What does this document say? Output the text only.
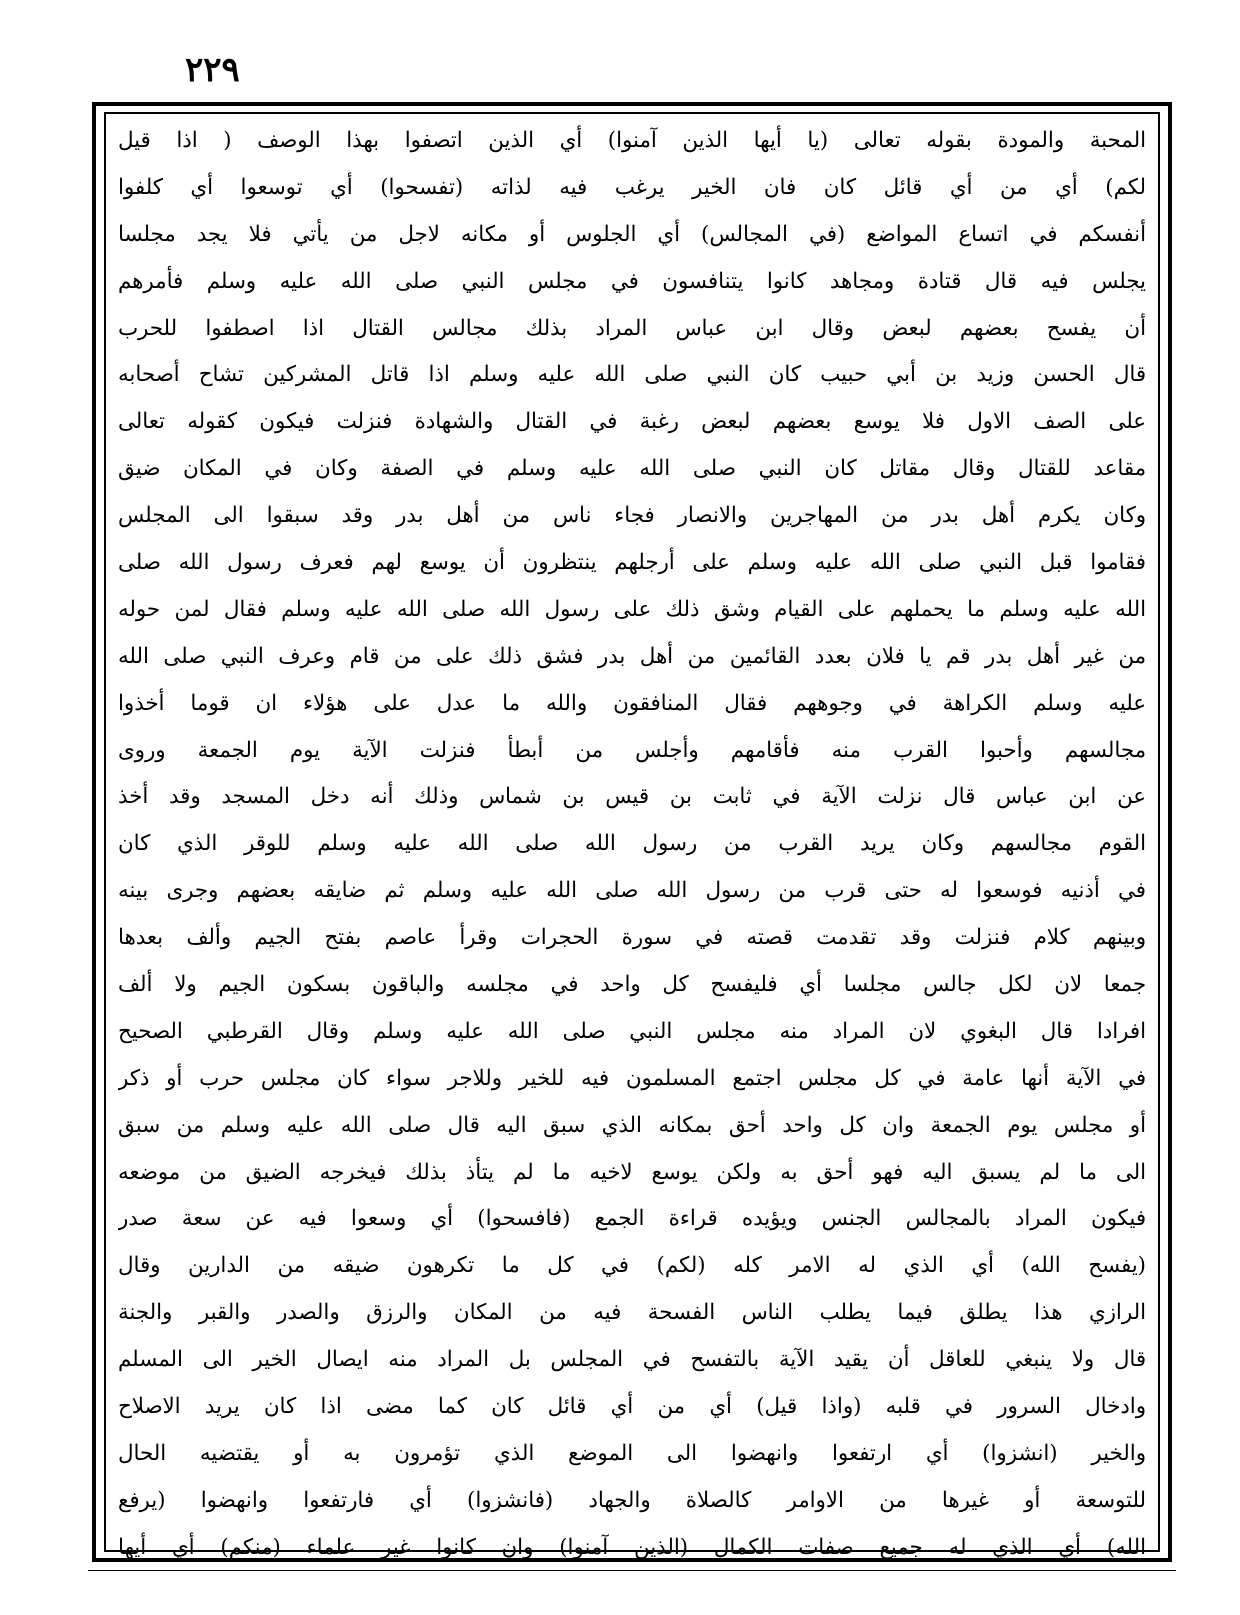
٢٢٩
المحبة والمودة بقوله تعالى (يا أيها الذين آمنوا) أي الذين اتصفوا بهذا الوصف ( اذا قيل
لكم) أي من أي قائل كان فان الخير يرغب فيه لذاته (تفسحوا) أي توسعوا أي كلفوا
أنفسكم في اتساع المواضع (في المجالس) أي الجلوس أو مكانه لاجل من يأتي فلا يجد مجلسا
يجلس فيه قال قتادة ومجاهد كانوا يتنافسون في مجلس النبي صلى الله عليه وسلم فأمرهم
أن يفسح بعضهم لبعض وقال ابن عباس المراد بذلك مجالس القتال اذا اصطفوا للحرب
قال الحسن وزيد بن أبي حبيب كان النبي صلى الله عليه وسلم اذا قاتل المشركين تشاح أصحابه
على الصف الاول فلا يوسع بعضهم لبعض رغبة في القتال والشهادة فنزلت فيكون كقوله تعالى
مقاعد للقتال وقال مقاتل كان النبي صلى الله عليه وسلم في الصفة وكان في المكان ضيق
وكان يكرم أهل بدر من المهاجرين والانصار فجاء ناس من أهل بدر وقد سبقوا الى المجلس
فقاموا قبل النبي صلى الله عليه وسلم على أرجلهم ينتظرون أن يوسع لهم فعرف رسول الله صلى
الله عليه وسلم ما يحملهم على القيام وشق ذلك على رسول الله صلى الله عليه وسلم فقال لمن حوله
من غير أهل بدر قم يا فلان بعدد القائمين من أهل بدر فشق ذلك على من قام وعرف النبي صلى الله
عليه وسلم الكراهة في وجوههم فقال المنافقون والله ما عدل على هؤلاء ان قوما أخذوا
مجالسهم وأحبوا القرب منه فأقامهم وأجلس من أبطأ فنزلت الآية يوم الجمعة وروى
عن ابن عباس قال نزلت الآية في ثابت بن قيس بن شماس وذلك أنه دخل المسجد وقد أخذ
القوم مجالسهم وكان يريد القرب من رسول الله صلى الله عليه وسلم للوقر الذي كان
في أذنيه فوسعوا له حتى قرب من رسول الله صلى الله عليه وسلم ثم ضايقه بعضهم وجرى بينه
وبينهم كلام فنزلت وقد تقدمت قصته في سورة الحجرات وقرأ عاصم بفتح الجيم وألف بعدها
جمعا لان لكل جالس مجلسا أي فليفسح كل واحد في مجلسه والباقون بسكون الجيم ولا ألف
افرادا قال البغوي لان المراد منه مجلس النبي صلى الله عليه وسلم وقال القرطبي الصحيح
في الآية أنها عامة في كل مجلس اجتمع المسلمون فيه للخير وللاجر سواء كان مجلس حرب أو ذكر
أو مجلس يوم الجمعة وان كل واحد أحق بمكانه الذي سبق اليه قال صلى الله عليه وسلم من سبق
الى ما لم يسبق اليه فهو أحق به ولكن يوسع لاخيه ما لم يتأذ بذلك فيخرجه الضيق من موضعه
فيكون المراد بالمجالس الجنس ويؤيده قراءة الجمع (فافسحوا) أي وسعوا فيه عن سعة صدر
(يفسح الله) أي الذي له الامر كله (لكم) في كل ما تكرهون ضيقه من الدارين وقال
الرازي هذا يطلق فيما يطلب الناس الفسحة فيه من المكان والرزق والصدر والقبر والجنة
قال ولا ينبغي للعاقل أن يقيد الآية بالتفسح في المجلس بل المراد منه ايصال الخير الى المسلم
وادخال السرور في قلبه (واذا قيل) أي من أي قائل كان كما مضى اذا كان يريد الاصلاح
والخير (انشزوا) أي ارتفعوا وانهضوا الى الموضع الذي تؤمرون به أو يقتضيه الحال
للتوسعة أو غيرها من الاوامر كالصلاة والجهاد (فانشزوا) أي فارتفعوا وانهضوا (يرفع
الله) أي الذي له جميع صفات الكمال (الذين آمنوا) وان كانوا غير علماء (منكم) أي أيها
